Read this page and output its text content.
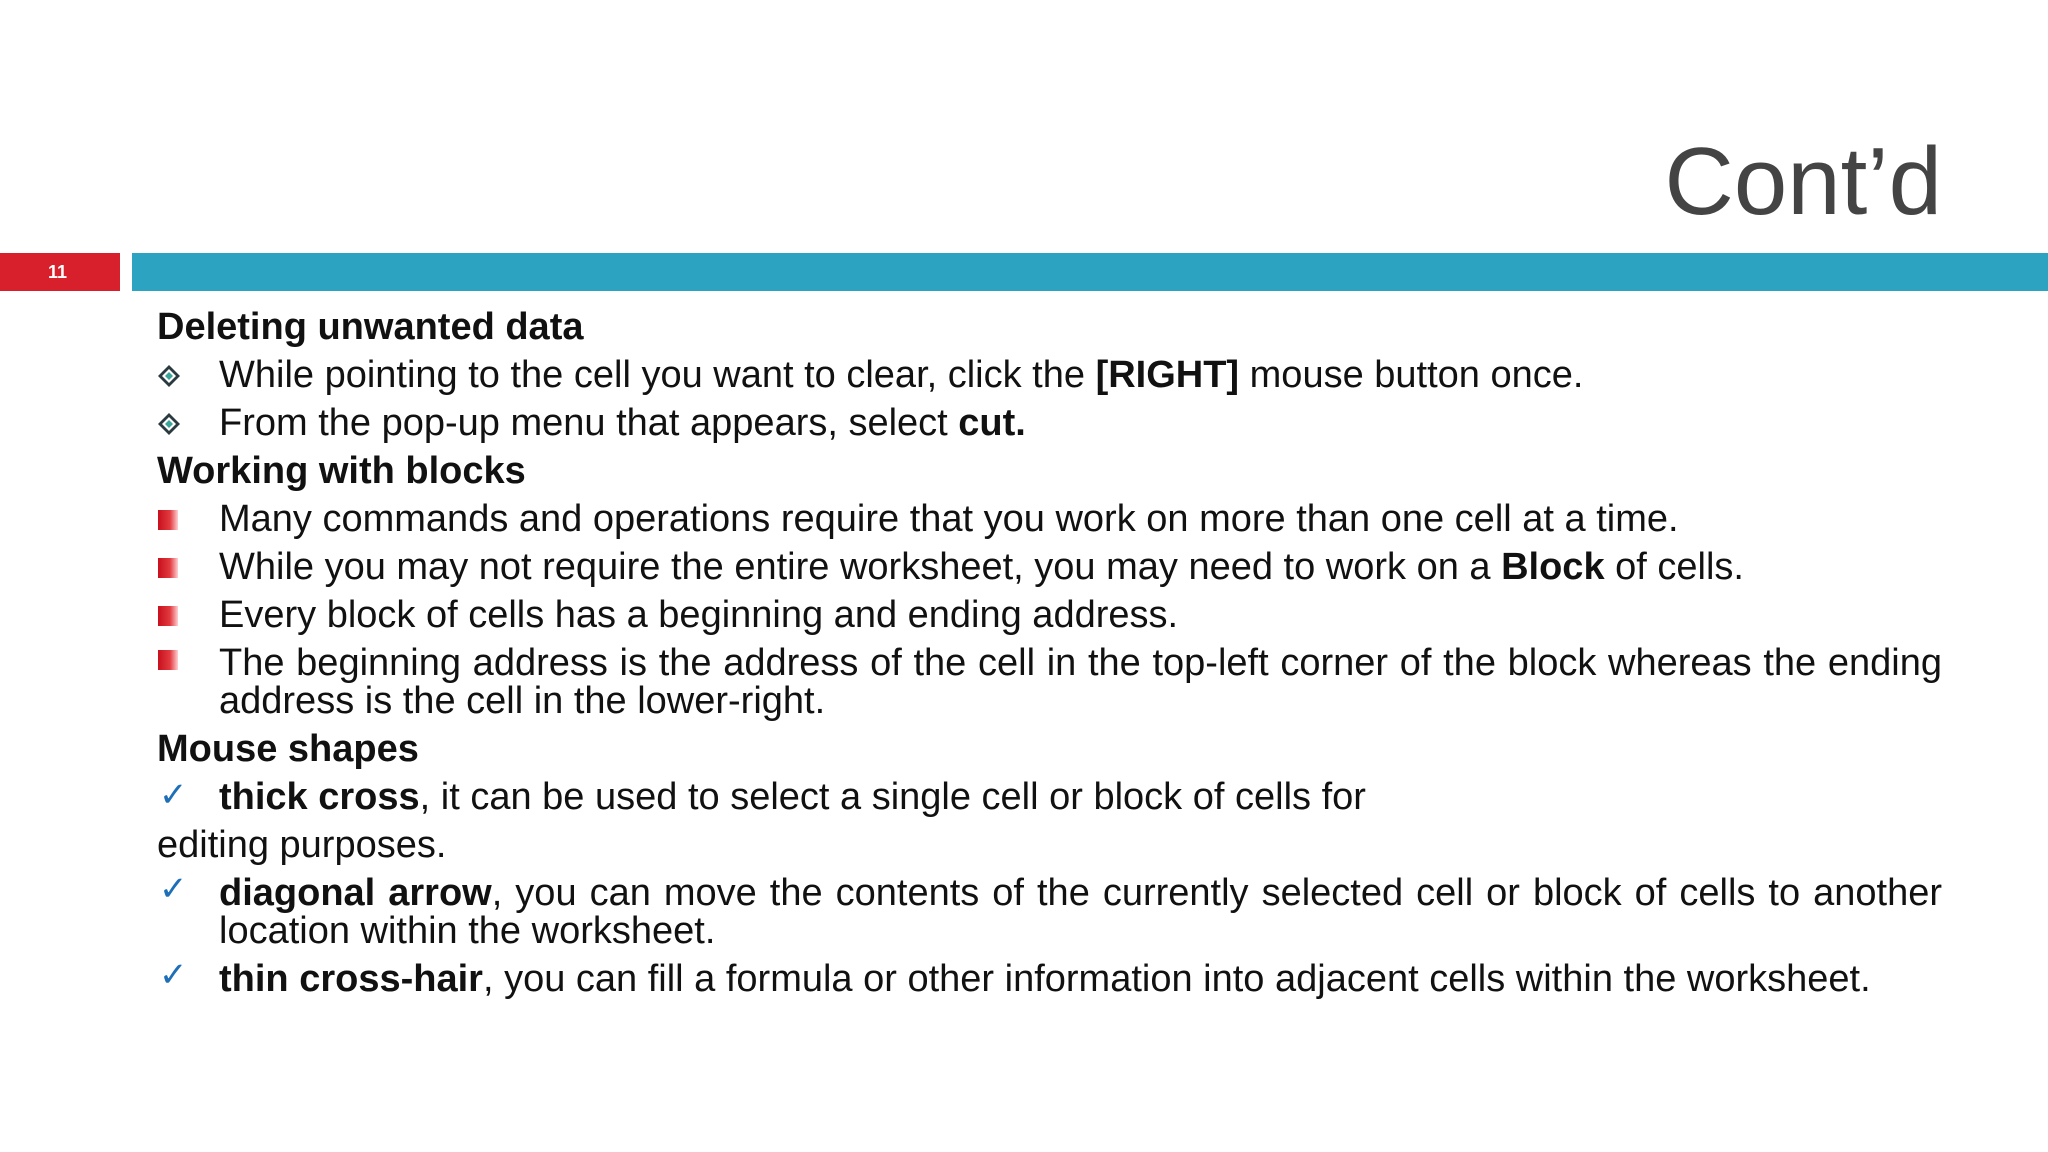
Cont’d
11
Deleting unwanted data
While pointing to the cell you want to clear, click the [RIGHT] mouse button once.
From the pop-up menu that appears, select cut.
Working with blocks
Many commands and operations require that you work on more than one cell at a time.
While you may not require the entire worksheet, you may need to work on a Block of cells.
Every block of cells has a beginning and ending address.
The beginning address is the address of the cell in the top-left corner of the block whereas the ending address is the cell in the lower-right.
Mouse shapes
✓ thick cross, it can be used to select a single cell or block of cells for
editing purposes.
✓ diagonal arrow, you can move the contents of the currently selected cell or block of cells to another location within the worksheet.
✓ thin cross-hair, you can fill a formula or other information into adjacent cells within the worksheet.
